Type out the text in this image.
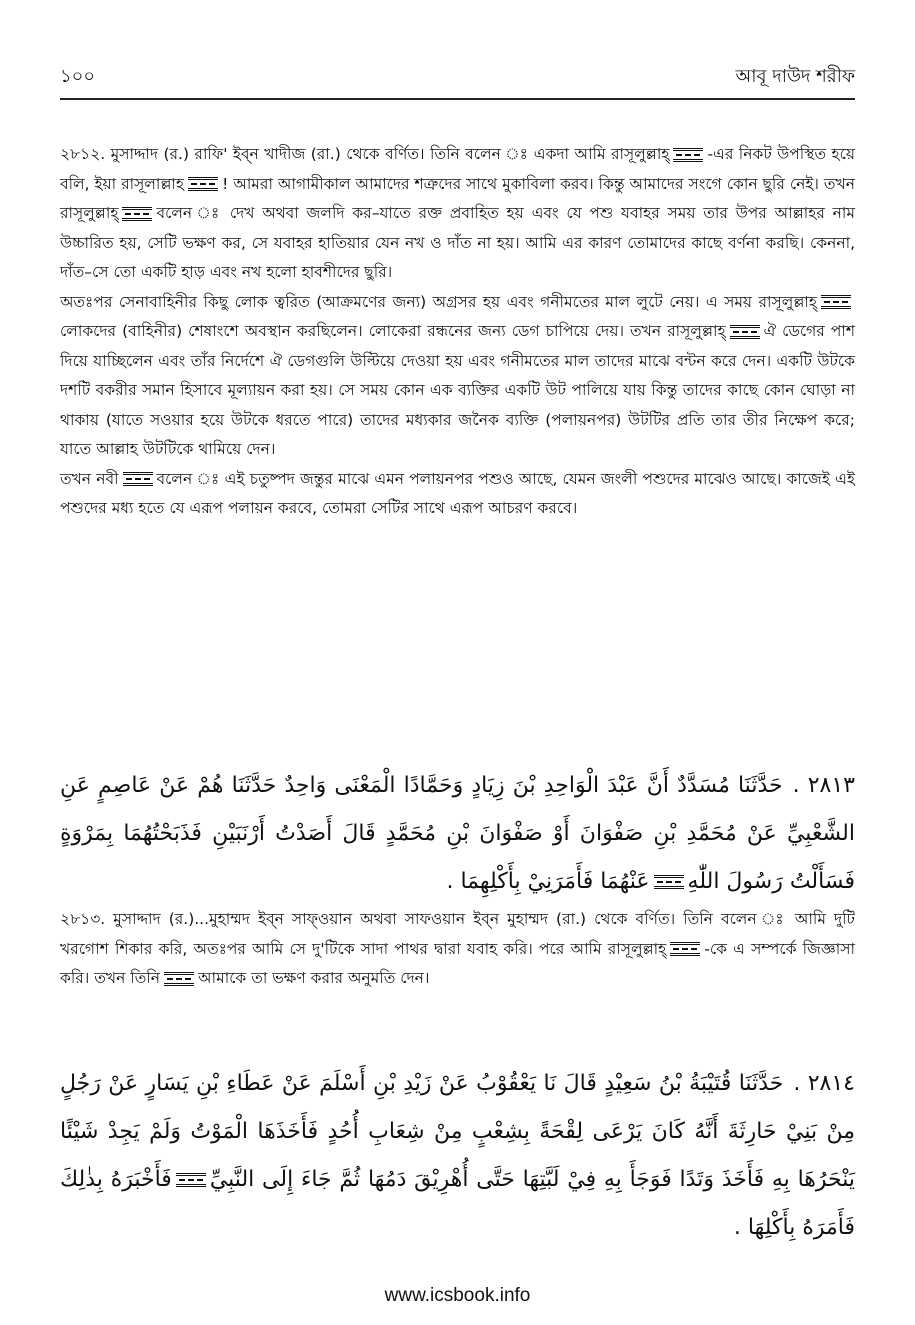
১০০	আবূ দাউদ শরীফ

২৮১২. মুসাদ্দাদ (র.) রাফি' ইব্‌ন খাদীজ (রা.) থেকে বর্ণিত। তিনি বলেন ঃ একদা আমি রাসূলুল্লাহ্ -এর নিকট উপস্থিত হয়ে বলি, ইয়া রাসূলাল্লাহ ! আমরা আগামীকাল আমাদের শত্রুদের সাথে মুকাবিলা করব। কিন্তু আমাদের সংগে কোন ছুরি নেই। তখন রাসূলুল্লাহ্ বলেন ঃ দেখ অথবা জলদি কর–যাতে রক্ত প্রবাহিত হয় এবং যে পশু যবাহর সময় তার উপর আল্লাহর নাম উচ্চারিত হয়, সেটি ভক্ষণ কর, সে যবাহর হাতিয়ার যেন নখ ও দাঁত না হয়। আমি এর কারণ তোমাদের কাছে বর্ণনা করছি। কেননা, দাঁত–সে তো একটি হাড় এবং নখ হলো হাবশীদের ছুরি।

অতঃপর সেনাবাহিনীর কিছু লোক ত্বরিত (আক্রমণের জন্য) অগ্রসর হয় এবং গনীমতের মাল লুটে নেয়। এ সময় রাসূলুল্লাহ্লোকদের (বাহিনীর) শেষাংশে অবস্থান করছিলেন। লোকেরা রন্ধনের জন্য ডেগ চাপিয়ে দেয়। তখন রাসূলুল্লাহ্ ঐ ডেগের পাশ দিয়ে যাচ্ছিলেন এবং তাঁর নির্দেশে ঐ ডেগগুলি উল্টিয়ে দেওয়া হয় এবং গনীমতের মাল তাদের মাঝে বন্টন করে দেন। একটি উটকে দশটি বকরীর সমান হিসাবে মূল্যায়ন করা হয়। সে সময় কোন এক ব্যক্তির একটি উট পালিয়ে যায় কিন্তু তাদের কাছে কোন ঘোড়া না থাকায় (যাতে সওয়ার হয়ে উটকে ধরতে পারে) তাদের মধ্যকার জনৈক ব্যক্তি (পলায়নপর) উটটির প্রতি তার তীর নিক্ষেপ করে; যাতে আল্লাহ উটটিকে থামিয়ে দেন।

তখন নবী বলেন ঃ এই চতুষ্পদ জন্তুর মাঝে এমন পলায়নপর পশুও আছে, যেমন জংলী পশুদের মাঝেও আছে। কাজেই এই পশুদের মধ্য হতে যে এরূপ পলায়ন করবে, তোমরা সেটির সাথে এরূপ আচরণ করবে।

٢٨١٣ .حَدَّثَنَا مُسَدَّدٌ أَنَّ عَبْدَ الْوَاحِدِ بْنَ زِيَادٍ وَحَمَّادًا الْمَعْنَى وَاحِدٌ حَدَّثَنَا هُمْ عَنْ عَاصِمٍ عَنِ الشَّعْبِيِّ عَنْ مُحَمَّدِ بْنِ صَفْوَانَ أَوْ صَفْوَانَ بْنِ مُحَمَّدٍ قَالَ أَصَدْتُ أَرْنَبَيْنِ فَذَبَحْتُهُمَا بِمَرْوَةٍ فَسَأَلْتُ رَسُولَ اللّٰهِعَنْهُمَا فَأَمَرَنِيْ بِأَكْلِهِمَا .

২৮১৩. মুসাদ্দাদ (র.)...মুহাম্মদ ইব্‌ন সাফ্‌ওয়ান অথবা সাফওয়ান ইব্‌ন মুহাম্মদ (রা.) থেকে বর্ণিত। তিনি বলেন ঃ আমি দুটি খরগোশ শিকার করি, অতঃপর আমি সে দু'টিকে সাদা পাথর দ্বারা যবাহ করি। পরে আমি রাসূলুল্লাহ্ -কে এ সম্পর্কে জিজ্ঞাসা করি। তখন তিনি আমাকে তা ভক্ষণ করার অনুমতি দেন।

٢٨١٤ .حَدَّثَنَا قُتَيْبَةُ بْنُ سَعِيْدٍ قَالَ نَا يَعْقُوْبُ عَنْ زَيْدِ بْنِ أَسْلَمَ عَنْ عَطَاءِ بْنِ يَسَارٍ عَنْ رَجُلٍ مِنْ بَنِيْ حَارِثَةَ أَنَّهُ كَانَ يَرْعَى لِقْحَةً بِشِعْبٍ مِنْ شِعَابِ أُحُدٍ فَأَخَذَهَا الْمَوْتُ وَلَمْ يَجِدْ شَيْئًا يَنْحَرُهَا بِهِ فَأَخَذَ وَتَدًا فَوَجَأَ بِهِ فِيْ لَبَّتِهَا حَتَّى أُهْرِيْقَ دَمُهَا ثُمَّ جَاءَ إِلَى النَّبِيِّفَأَخْبَرَهُ بِذٰلِكَ فَأَمَرَهُ بِأَكْلِهَا .

www.icsbook.info
